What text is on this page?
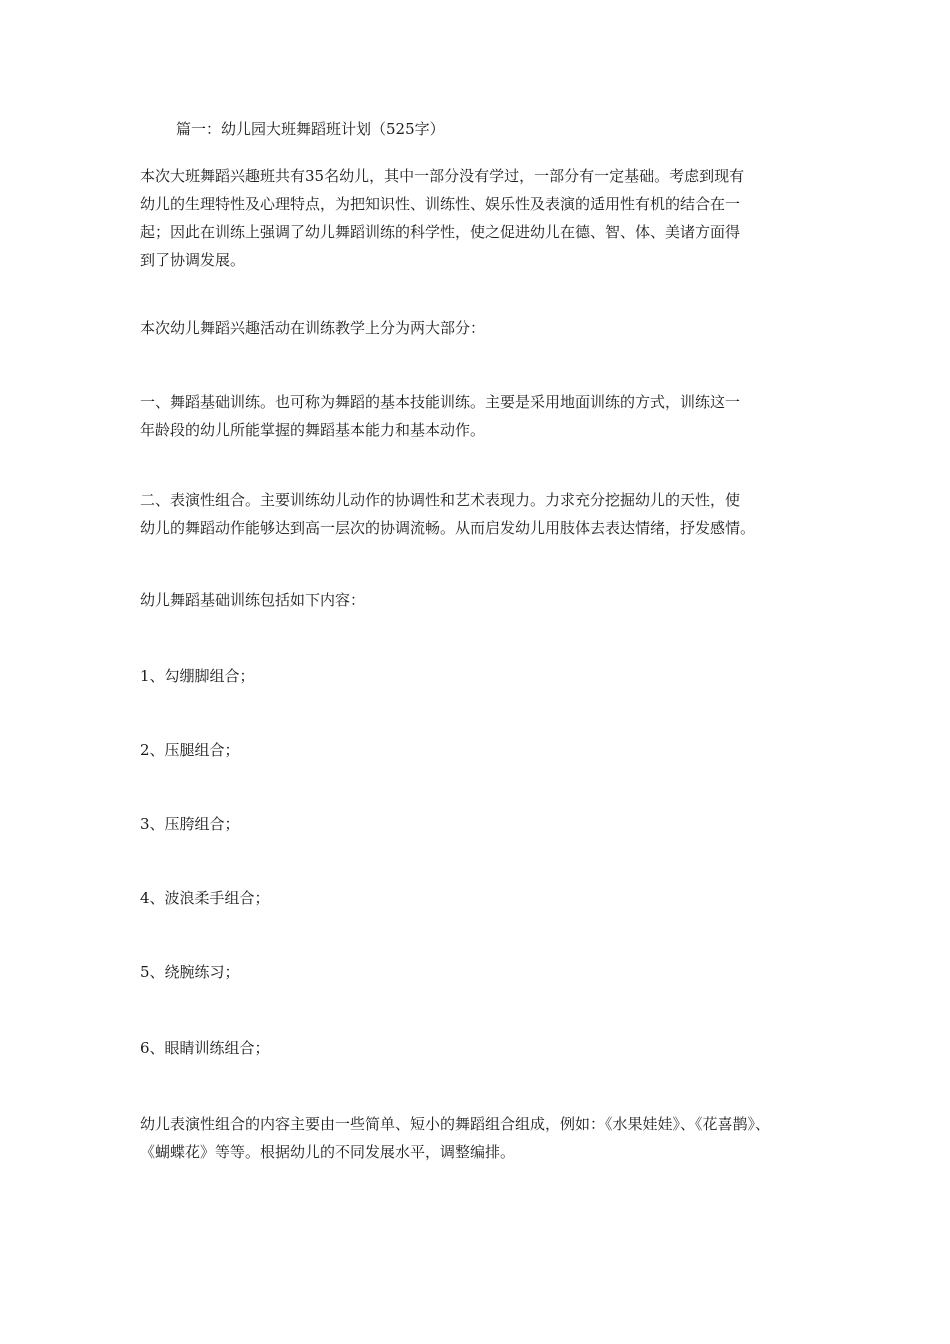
篇一：幼儿园大班舞蹈班计划（525字）

本次大班舞蹈兴趣班共有35名幼儿，其中一部分没有学过，一部分有一定基础。考虑到现有
幼儿的生理特性及心理特点，为把知识性、训练性、娱乐性及表演的适用性有机的结合在一
起；因此在训练上强调了幼儿舞蹈训练的科学性，使之促进幼儿在德、智、体、美诸方面得
到了协调发展。

本次幼儿舞蹈兴趣活动在训练教学上分为两大部分：

一、舞蹈基础训练。也可称为舞蹈的基本技能训练。主要是采用地面训练的方式，训练这一
年龄段的幼儿所能掌握的舞蹈基本能力和基本动作。

二、表演性组合。主要训练幼儿动作的协调性和艺术表现力。力求充分挖掘幼儿的天性，使
幼儿的舞蹈动作能够达到高一层次的协调流畅。从而启发幼儿用肢体去表达情绪，抒发感情。

幼儿舞蹈基础训练包括如下内容：

1、勾绷脚组合；

2、压腿组合；

3、压胯组合；

4、波浪柔手组合；

5、绕腕练习；

6、眼睛训练组合；

幼儿表演性组合的内容主要由一些简单、短小的舞蹈组合组成，例如：《水果娃娃》、《花喜鹊》、
《蝴蝶花》等等。根据幼儿的不同发展水平，调整编排。
